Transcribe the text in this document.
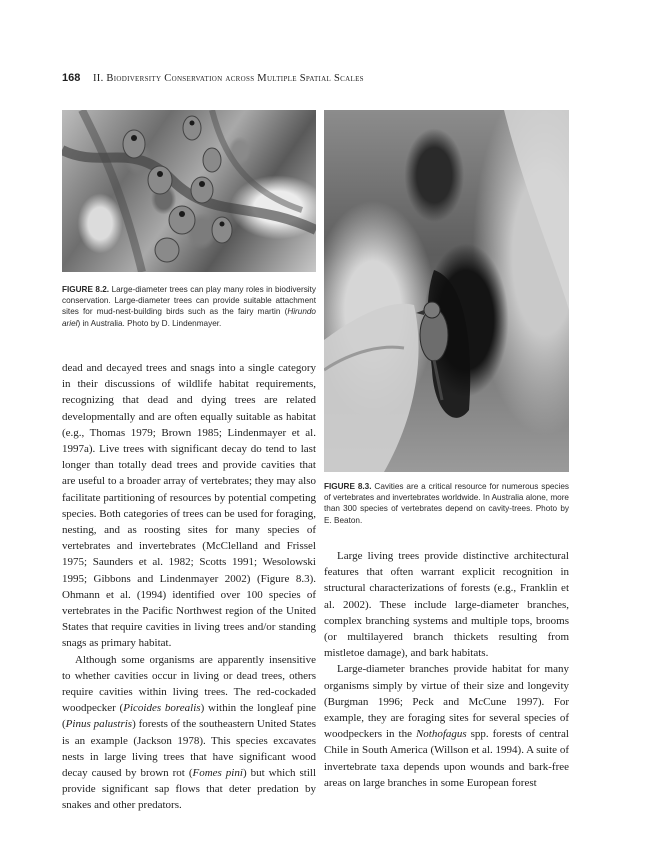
168 II. Biodiversity Conservation across Multiple Spatial Scales
FIGURE 8.2. Large-diameter trees can play many roles in biodiversity conservation. Large-diameter trees can provide suitable attachment sites for mud-nest-building birds such as the fairy martin (Hirundo ariel) in Australia. Photo by D. Lindenmayer.
FIGURE 8.3. Cavities are a critical resource for numerous species of vertebrates and invertebrates worldwide. In Australia alone, more than 300 species of vertebrates depend on cavity-trees. Photo by E. Beaton.

dead and decayed trees and snags into a single category in their discussions of wildlife habitat requirements, recognizing that dead and dying trees are related developmentally and are often equally suitable as habitat (e.g., Thomas 1979; Brown 1985; Lindenmayer et al. 1997a). Live trees with significant decay do tend to last longer than totally dead trees and provide cavities that are useful to a broader array of vertebrates; they may also facilitate partitioning of resources by potential competing species. Both categories of trees can be used for foraging, nesting, and as roosting sites for many species of vertebrates and invertebrates (McClelland and Frissel 1975; Saunders et al. 1982; Scotts 1991; Wesolowski 1995; Gibbons and Lindenmayer 2002) (Figure 8.3). Ohmann et al. (1994) identified over 100 species of vertebrates in the Pacific Northwest region of the United States that require cavities in living trees and/or standing snags as primary habitat.

Although some organisms are apparently insensitive to whether cavities occur in living or dead trees, others require cavities within living trees. The red-cockaded woodpecker (Picoides borealis) within the longleaf pine (Pinus palustris) forests of the southeastern United States is an example (Jackson 1978). This species excavates nests in large living trees that have significant wood decay caused by brown rot (Fomes pini) but which still provide significant sap flows that deter predation by snakes and other predators.

Large living trees provide distinctive architectural features that often warrant explicit recognition in structural characterizations of forests (e.g., Franklin et al. 2002). These include large-diameter branches, complex branching systems and multiple tops, brooms (or multilayered branch thickets resulting from mistletoe damage), and bark habitats.

Large-diameter branches provide habitat for many organisms simply by virtue of their size and longevity (Burgman 1996; Peck and McCune 1997). For example, they are foraging sites for several species of woodpeckers in the Nothofagus spp. forests of central Chile in South America (Willson et al. 1994). A suite of invertebrate taxa depends upon wounds and bark-free areas on large branches in some European forest
